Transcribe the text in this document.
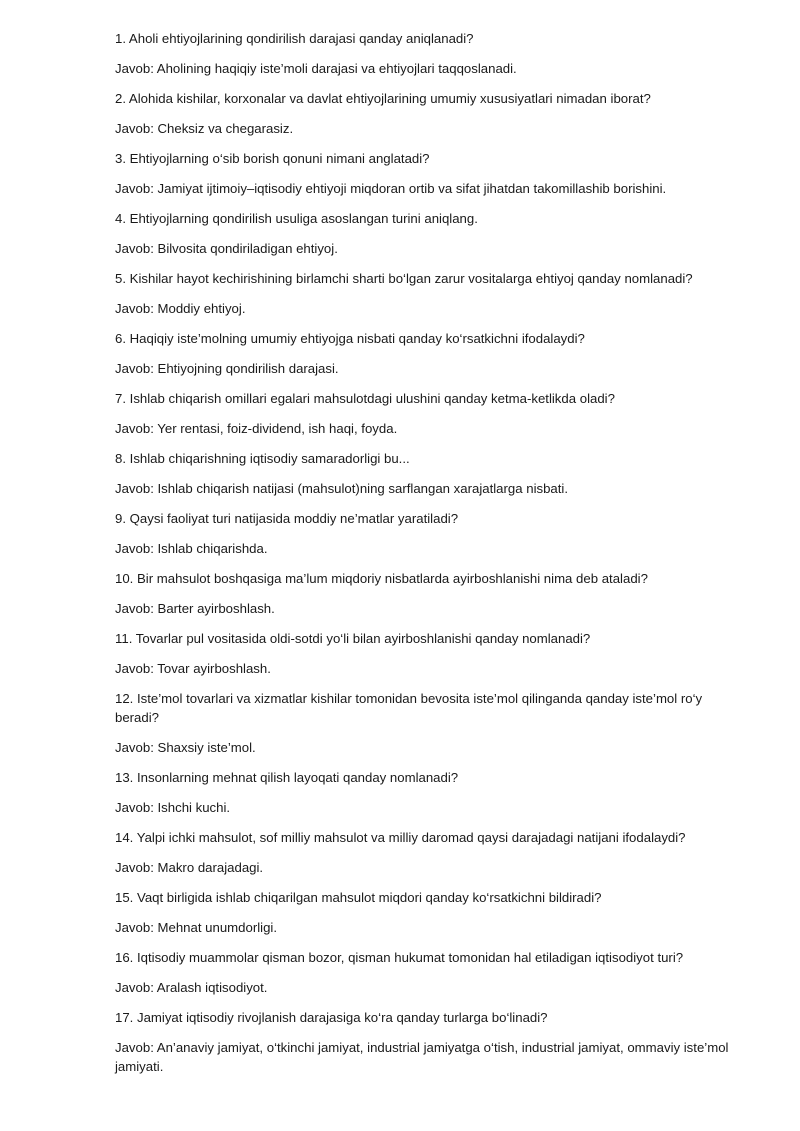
1. Aholi ehtiyojlarining qondirilish darajasi qanday aniqlanadi?

Javob: Aholining haqiqiy iste’moli darajasi va ehtiyojlari taqqoslanadi.

2. Alohida kishilar, korxonalar va davlat ehtiyojlarining umumiy xususiyatlari nimadan iborat?

Javob: Cheksiz va chegarasiz.

3. Ehtiyojlarning o‘sib borish qonuni nimani anglatadi?

Javob: Jamiyat ijtimoiy–iqtisodiy ehtiyoji miqdoran ortib va sifat jihatdan takomillashib borishini.

4. Ehtiyojlarning qondirilish usuliga asoslangan turini aniqlang.

Javob: Bilvosita qondiriladigan ehtiyoj.

5. Kishilar hayot kechirishining birlamchi sharti bo‘lgan zarur vositalarga ehtiyoj qanday nomlanadi?

Javob: Moddiy ehtiyoj.

6. Haqiqiy iste’molning umumiy ehtiyojga nisbati qanday ko‘rsatkichni ifodalaydi?

Javob: Ehtiyojning qondirilish darajasi.

7. Ishlab chiqarish omillari egalari mahsulotdagi ulushini qanday ketma-ketlikda oladi?

Javob: Yer rentasi, foiz-dividend, ish haqi, foyda.

8. Ishlab chiqarishning iqtisodiy samaradorligi bu...

Javob: Ishlab chiqarish natijasi (mahsulot)ning sarflangan xarajatlarga nisbati.

9. Qaysi faoliyat turi natijasida moddiy ne’matlar yaratiladi?

Javob: Ishlab chiqarishda.

10. Bir mahsulot boshqasiga ma’lum miqdoriy nisbatlarda ayirboshlanishi nima deb ataladi?

Javob: Barter ayirboshlash.

11. Tovarlar pul vositasida oldi-sotdi yo‘li bilan ayirboshlanishi qanday nomlanadi?

Javob: Tovar ayirboshlash.

12. Iste’mol tovarlari va xizmatlar kishilar tomonidan bevosita iste’mol qilinganda qanday iste’mol ro‘y beradi?

Javob: Shaxsiy iste’mol.

13. Insonlarning mehnat qilish layoqati qanday nomlanadi?

Javob: Ishchi kuchi.

14. Yalpi ichki mahsulot, sof milliy mahsulot va milliy daromad qaysi darajadagi natijani ifodalaydi?

Javob: Makro darajadagi.

15. Vaqt birligida ishlab chiqarilgan mahsulot miqdori qanday ko‘rsatkichni bildiradi?

Javob: Mehnat unumdorligi.

16. Iqtisodiy muammolar qisman bozor, qisman hukumat tomonidan hal etiladigan iqtisodiyot turi?

Javob: Aralash iqtisodiyot.

17. Jamiyat iqtisodiy rivojlanish darajasiga ko‘ra qanday turlarga bo‘linadi?

Javob: An’anaviy jamiyat, o‘tkinchi jamiyat, industrial jamiyatga o‘tish, industrial jamiyat, ommaviy iste’mol jamiyati.
